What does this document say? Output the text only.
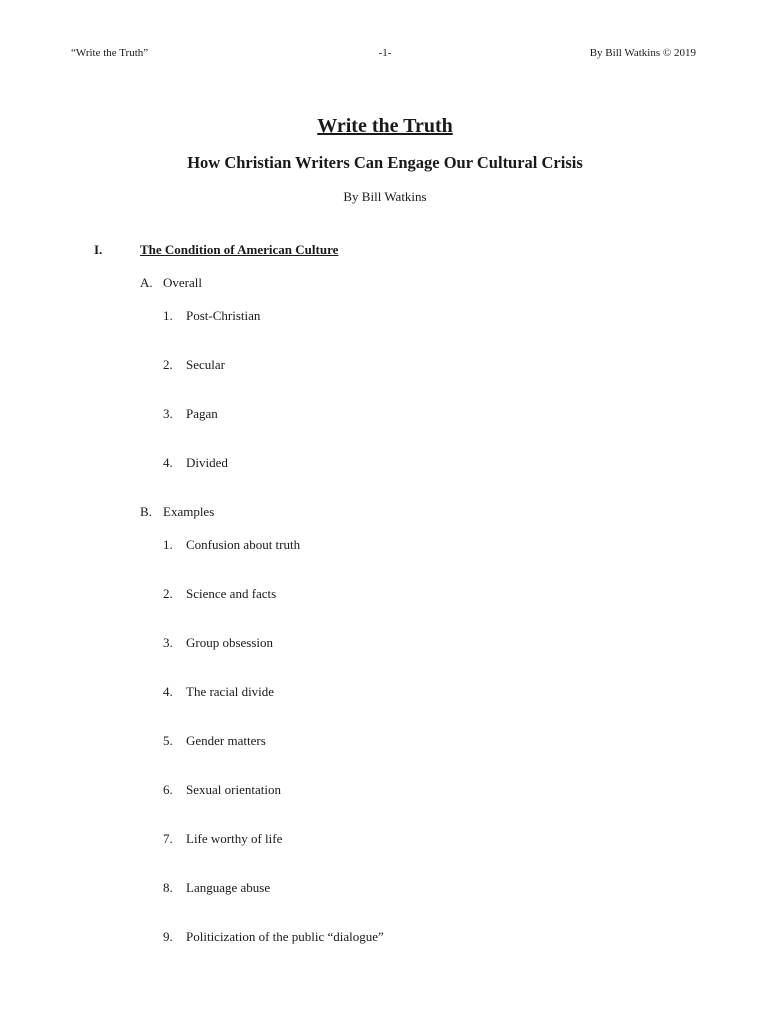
“Write the Truth”	-1-	By Bill Watkins © 2019
Write the Truth
How Christian Writers Can Engage Our Cultural Crisis
By Bill Watkins
I.	The Condition of American Culture
A. Overall
1. Post-Christian
2. Secular
3. Pagan
4. Divided
B. Examples
1. Confusion about truth
2. Science and facts
3. Group obsession
4. The racial divide
5. Gender matters
6. Sexual orientation
7. Life worthy of life
8. Language abuse
9. Politicization of the public “dialogue”
